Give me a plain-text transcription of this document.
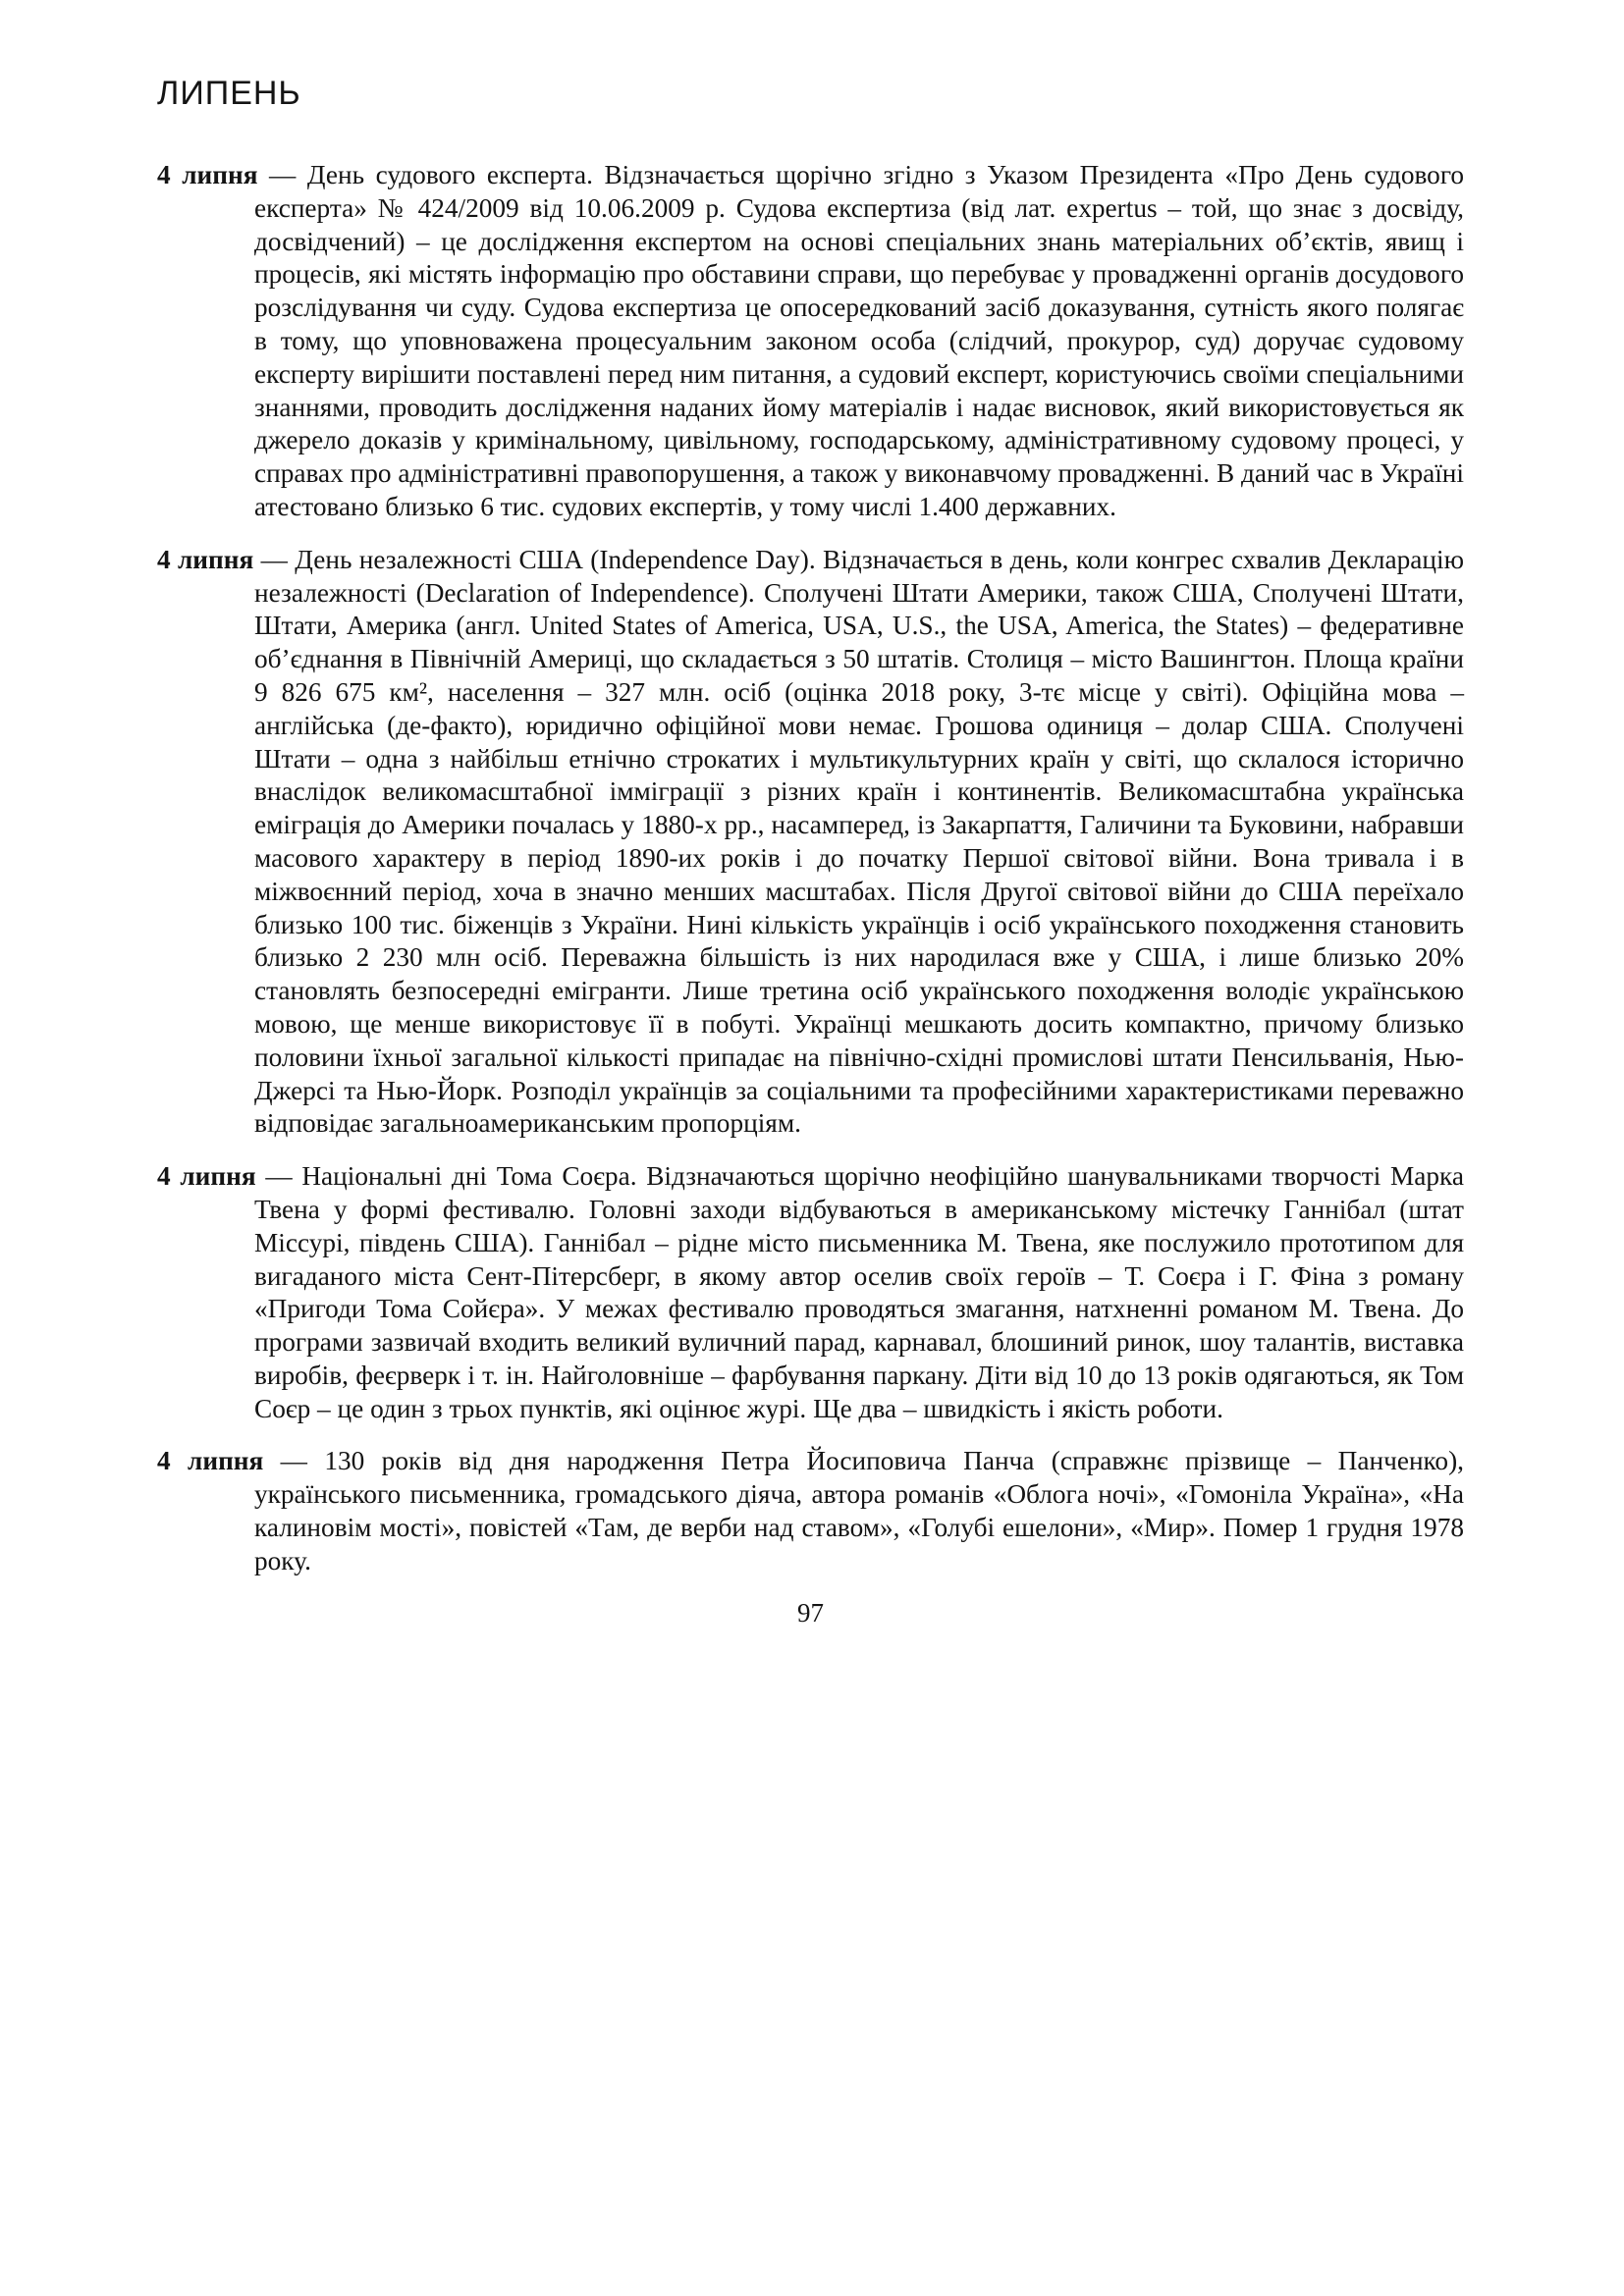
ЛИПЕНЬ

4 липня — День судового експерта. Відзначається щорічно згідно з Указом Президента «Про День судового експерта» № 424/2009 від 10.06.2009 р. Судова експертиза (від лат. expertus – той, що знає з досвіду, досвідчений) – це дослідження експертом на основі спеціальних знань матеріальних об’єктів, явищ і процесів, які містять інформацію про обставини справи, що перебуває у провадженні органів досудового розслідування чи суду. Судова експертиза це опосередкований засіб доказування, сутність якого полягає в тому, що уповноважена процесуальним законом особа (слідчий, прокурор, суд) доручає судовому експерту вирішити поставлені перед ним питання, а судовий експерт, користуючись своїми спеціальними знаннями, проводить дослідження наданих йому матеріалів і надає висновок, який використовується як джерело доказів у кримінальному, цивільному, господарському, адміністративному судовому процесі, у справах про адміністративні правопорушення, а також у виконавчому провадженні. В даний час в Україні атестовано близько 6 тис. судових експертів, у тому числі 1.400 державних.

4 липня — День незалежності США (Independence Day). Відзначається в день, коли конгрес схвалив Декларацію незалежності (Declaration of Independence). Сполучені Штати Америки, також США, Сполучені Штати, Штати, Америка (англ. United States of America, USA, U.S., the USA, America, the States) – федеративне об’єднання в Північній Америці, що складається з 50 штатів. Столиця – місто Вашингтон. Площа країни 9 826 675 км², населення – 327 млн. осіб (оцінка 2018 року, 3-тє місце у світі). Офіційна мова – англійська (де-факто), юридично офіційної мови немає. Грошова одиниця – долар США. Сполучені Штати – одна з найбільш етнічно строкатих і мультикультурних країн у світі, що склалося історично внаслідок великомасштабної імміграції з різних країн і континентів. Великомасштабна українська еміграція до Америки почалась у 1880-х рр., насамперед, із Закарпаття, Галичини та Буковини, набравши масового характеру в період 1890-их років і до початку Першої світової війни. Вона тривала і в міжвоєнний період, хоча в значно менших масштабах. Після Другої світової війни до США переїхало близько 100 тис. біженців з України. Нині кількість українців і осіб українського походження становить близько 2 230 млн осіб. Переважна більшість із них народилася вже у США, і лише близько 20% становлять безпосередні емігранти. Лише третина осіб українського походження володіє українською мовою, ще менше використовує її в побуті. Українці мешкають досить компактно, причому близько половини їхньої загальної кількості припадає на північно-східні промислові штати Пенсильванія, Нью-Джерсі та Нью-Йорк. Розподіл українців за соціальними та професійними характеристиками переважно відповідає загальноамериканським пропорціям.

4 липня — Національні дні Тома Соєра. Відзначаються щорічно неофіційно шанувальниками творчості Марка Твена у формі фестивалю. Головні заходи відбуваються в американському містечку Ганнібал (штат Міссурі, південь США). Ганнібал – рідне місто письменника М. Твена, яке послужило прототипом для вигаданого міста Сент-Пітерсберг, в якому автор оселив своїх героїв – Т. Соєра і Г. Фіна з роману «Пригоди Тома Сойєра». У межах фестивалю проводяться змагання, натхненні романом М. Твена. До програми зазвичай входить великий вуличний парад, карнавал, блошиний ринок, шоу талантів, виставка виробів, феєрверк і т. ін. Найголовніше – фарбування паркану. Діти від 10 до 13 років одягаються, як Том Соєр – це один з трьох пунктів, які оцінює журі. Ще два – швидкість і якість роботи.

4 липня — 130 років від дня народження Петра Йосиповича Панча (справжнє прізвище – Панченко), українського письменника, громадського діяча, автора романів «Облога ночі», «Гомоніла Україна», «На калиновім мості», повістей «Там, де верби над ставом», «Голубі ешелони», «Мир». Помер 1 грудня 1978 року.

97
